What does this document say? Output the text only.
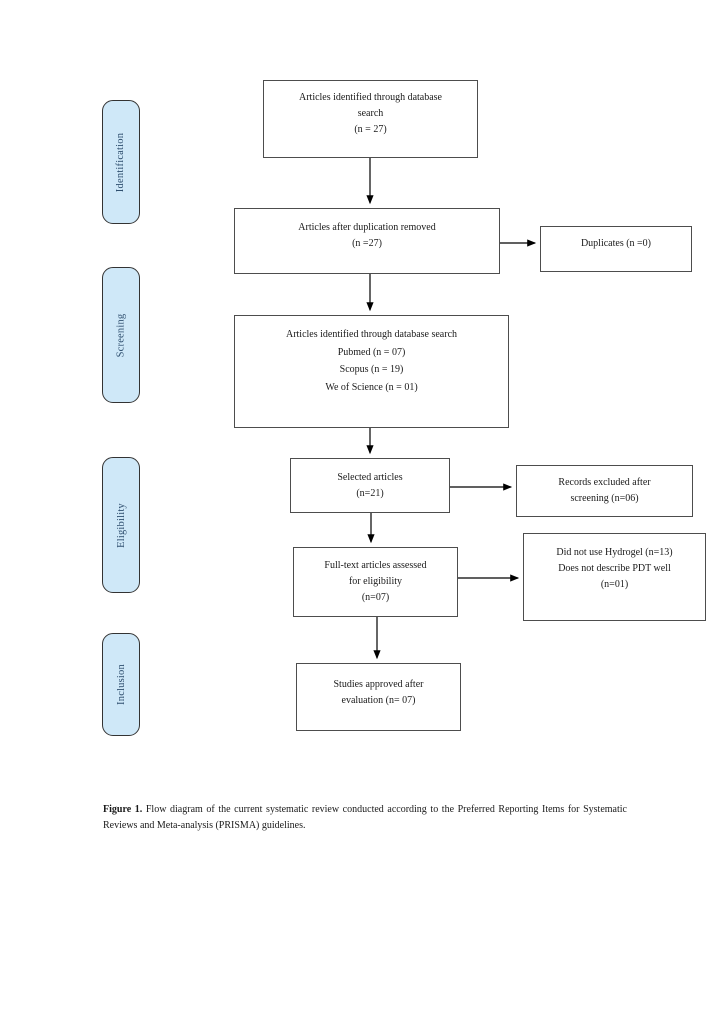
Identification
Screening
Eligibility
Inclusion
Articles identified through database
search
(n = 27)
Articles after duplication removed
(n =27)	Duplicates (n =0)
Articles identified through database search
Pubmed (n = 07)
Scopus (n = 19)
We of Science (n = 01)
Selected articles
(n=21)
Records excluded after
screening (n=06)
Full-text articles assessed
for eligibility
(n=07)
Did not use Hydrogel (n=13)
Does not describe PDT well
(n=01)
Studies approved after
evaluation (n= 07)

Figure 1. Flow diagram of the current systematic review conducted according to the Preferred Reporting Items for Systematic Reviews and Meta-analysis (PRISMA) guidelines.
